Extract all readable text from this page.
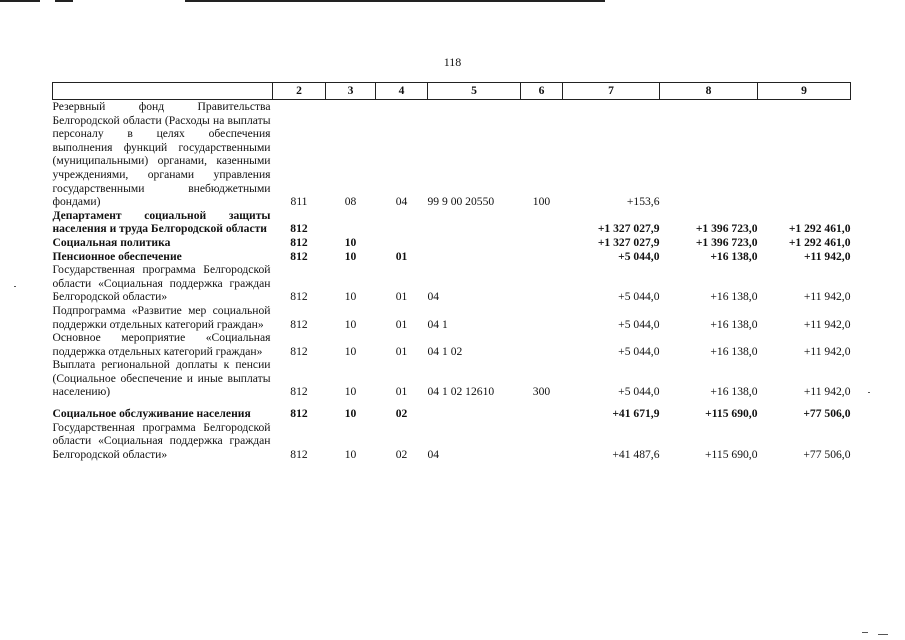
118
	2	3	4	5	6	7	8	9
Резервный фонд Правительства Белгородской области (Расходы на выплаты персоналу в целях обеспечения выполнения функций государственными (муниципальными) органами, казенными учреждениями, органами управления государственными внебюджетными фондами)	811	08	04	99 9 00 20550	100	+153,6		
Департамент социальной защиты населения и труда Белгородской области	812					+1 327 027,9	+1 396 723,0	+1 292 461,0
Социальная политика	812	10				+1 327 027,9	+1 396 723,0	+1 292 461,0
Пенсионное обеспечение	812	10	01			+5 044,0	+16 138,0	+11 942,0
Государственная программа Белгородской области «Социальная поддержка граждан Белгородской области»	812	10	01	04		+5 044,0	+16 138,0	+11 942,0
Подпрограмма «Развитие мер социальной поддержки отдельных категорий граждан»	812	10	01	04 1		+5 044,0	+16 138,0	+11 942,0
Основное мероприятие «Социальная поддержка отдельных категорий граждан»	812	10	01	04 1 02		+5 044,0	+16 138,0	+11 942,0
Выплата региональной доплаты к пенсии (Социальное обеспечение и иные выплаты населению)	812	10	01	04 1 02 12610	300	+5 044,0	+16 138,0	+11 942,0

Социальное обслуживание населения	812	10	02			+41 671,9	+115 690,0	+77 506,0
Государственная программа Белгородской области «Социальная поддержка граждан Белгородской области»	812	10	02	04		+41 487,6	+115 690,0	+77 506,0
